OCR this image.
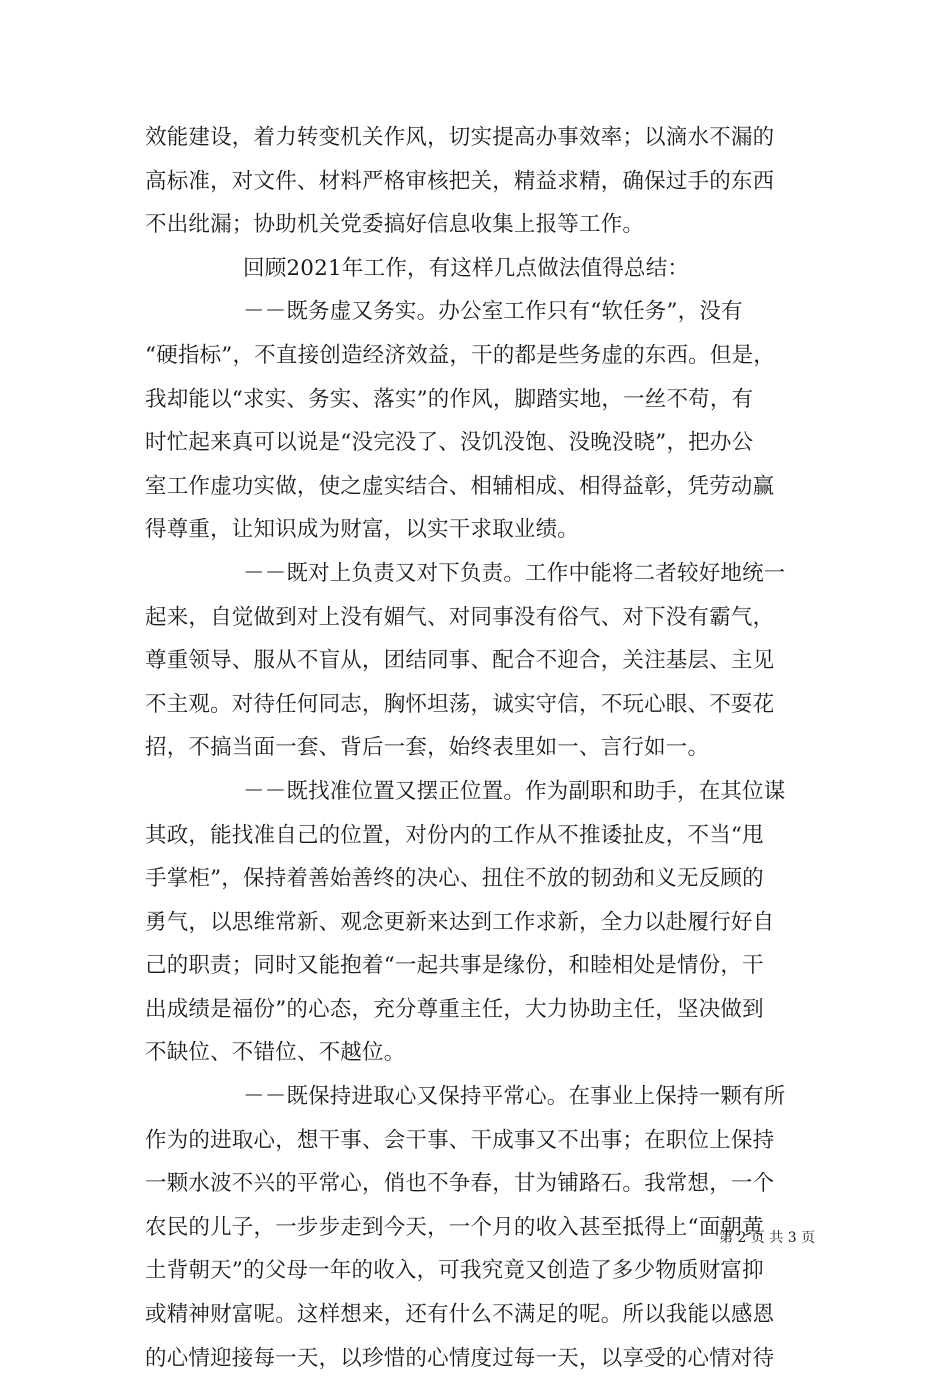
效能建设，着力转变机关作风，切实提高办事效率；以滴水不漏的
高标准，对文件、材料严格审核把关，精益求精，确保过手的东西
不出纰漏；协助机关党委搞好信息收集上报等工作。
回顾2021年工作，有这样几点做法值得总结：
－－既务虚又务实。办公室工作只有“软任务”，没有
“硬指标”，不直接创造经济效益，干的都是些务虚的东西。但是，
我却能以“求实、务实、落实”的作风，脚踏实地，一丝不苟，有
时忙起来真可以说是“没完没了、没饥没饱、没晚没晓”，把办公
室工作虚功实做，使之虚实结合、相辅相成、相得益彰，凭劳动赢
得尊重，让知识成为财富，以实干求取业绩。
－－既对上负责又对下负责。工作中能将二者较好地统一
起来，自觉做到对上没有媚气、对同事没有俗气、对下没有霸气，
尊重领导、服从不盲从，团结同事、配合不迎合，关注基层、主见
不主观。对待任何同志，胸怀坦荡，诚实守信，不玩心眼、不耍花
招，不搞当面一套、背后一套，始终表里如一、言行如一。
－－既找准位置又摆正位置。作为副职和助手，在其位谋
其政，能找准自己的位置，对份内的工作从不推诿扯皮，不当“甩
手掌柜”，保持着善始善终的决心、扭住不放的韧劲和义无反顾的
勇气，以思维常新、观念更新来达到工作求新，全力以赴履行好自
己的职责；同时又能抱着“一起共事是缘份，和睦相处是情份，干
出成绩是福份”的心态，充分尊重主任，大力协助主任，坚决做到
不缺位、不错位、不越位。
－－既保持进取心又保持平常心。在事业上保持一颗有所
作为的进取心，想干事、会干事、干成事又不出事；在职位上保持
一颗水波不兴的平常心，俏也不争春，甘为铺路石。我常想，一个
农民的儿子，一步步走到今天，一个月的收入甚至抵得上“面朝黄
土背朝天”的父母一年的收入，可我究竟又创造了多少物质财富抑
或精神财富呢。这样想来，还有什么不满足的呢。所以我能以感恩
的心情迎接每一天，以珍惜的心情度过每一天，以享受的心情对待
第 2 页 共 3 页
